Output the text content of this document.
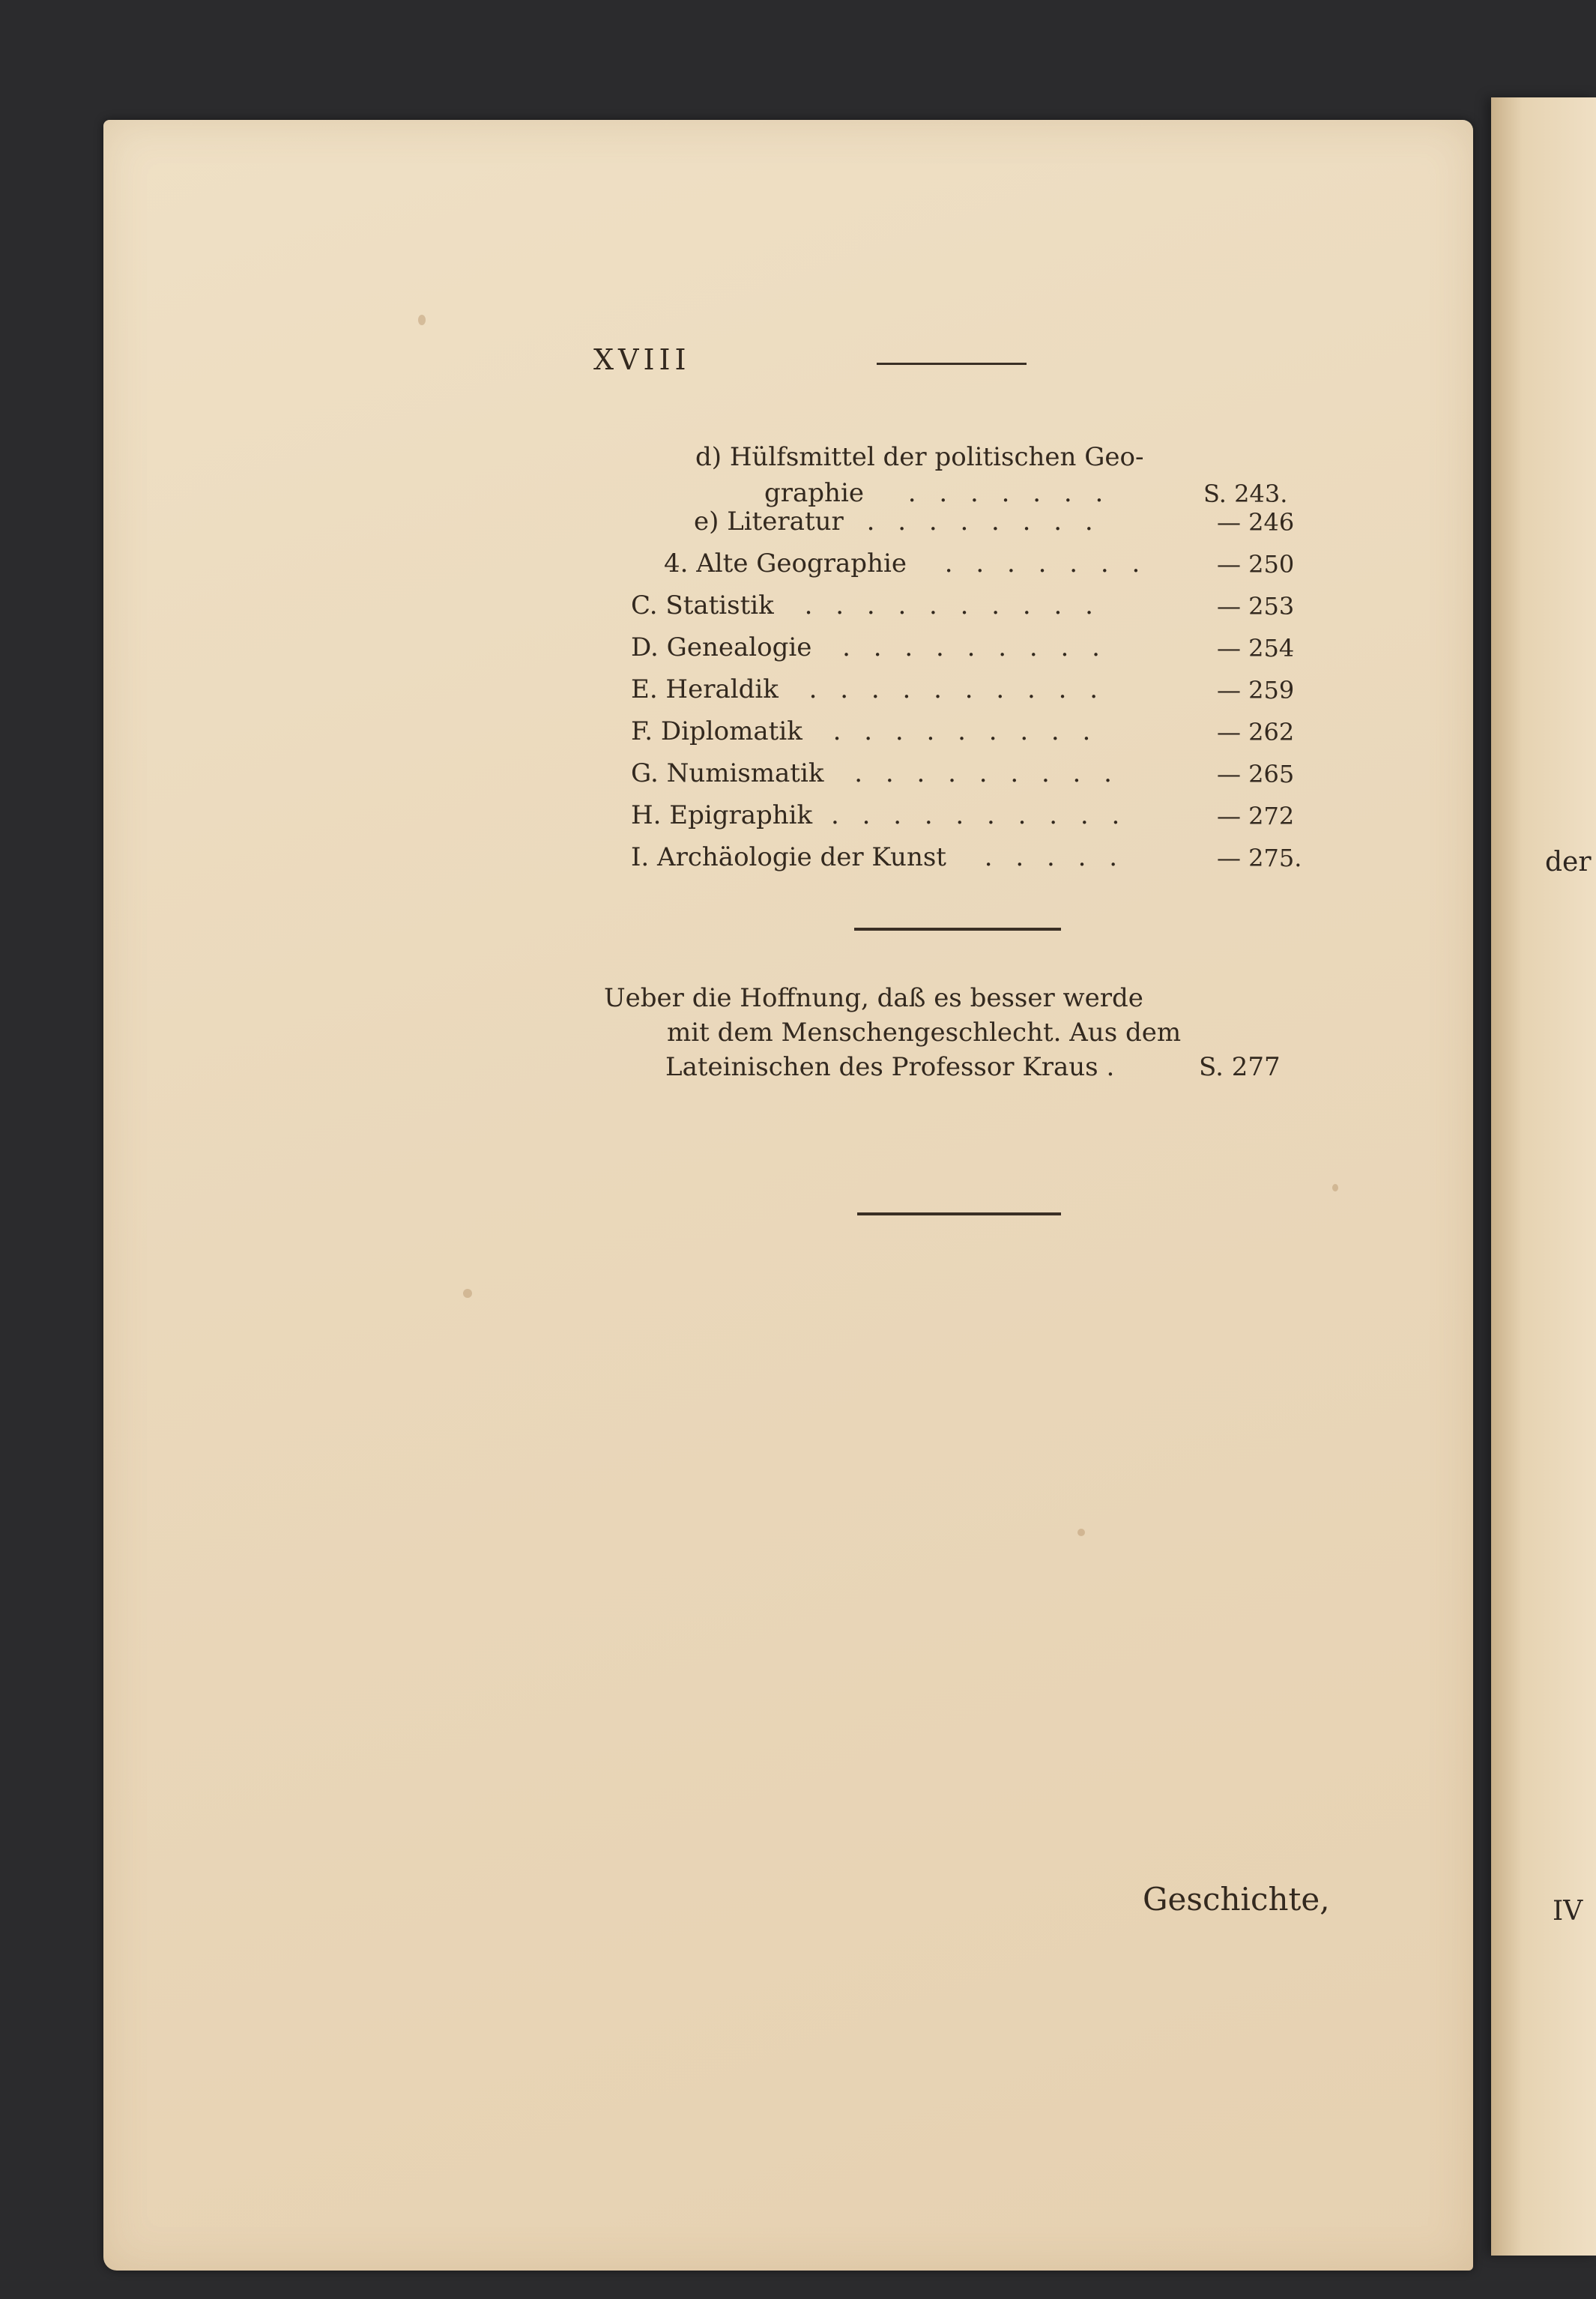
der
IV
XVIII
d) Hülfsmittel der politischen Geo-
graphie . . . . . . .	S. 243.
e) Literatur . . . . . . . .	— 246
4. Alte Geographie . . . . . . .	— 250
C. Statistik . . . . . . . . . .	— 253
D. Genealogie . . . . . . . . .	— 254
E. Heraldik . . . . . . . . . .	— 259
F. Diplomatik . . . . . . . . .	— 262
G. Numismatik . . . . . . . . .	— 265
H. Epigraphik . . . . . . . . . .	— 272
I. Archäologie der Kunst . . . . .	— 275.
Ueber die Hoffnung, daß es besser werde
mit dem Menschengeschlecht. Aus dem
Lateinischen des Professor Kraus .	S. 277
Geschichte,
